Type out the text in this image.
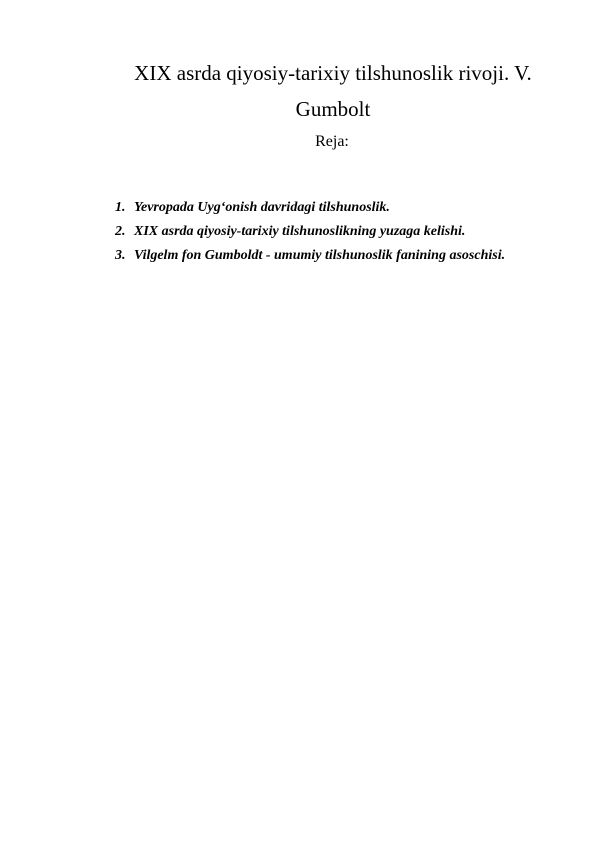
XIX asrda qiyosiy-tarixiy tilshunoslik rivoji. V. Gumbolt

Reja:

1. Yevropada Uyg‘onish davridagi tilshunoslik.
2. XIX asrda qiyosiy-tarixiy tilshunoslikning yuzaga kelishi.
3. Vilgelm fon Gumboldt - umumiy tilshunoslik fanining asoschisi.
